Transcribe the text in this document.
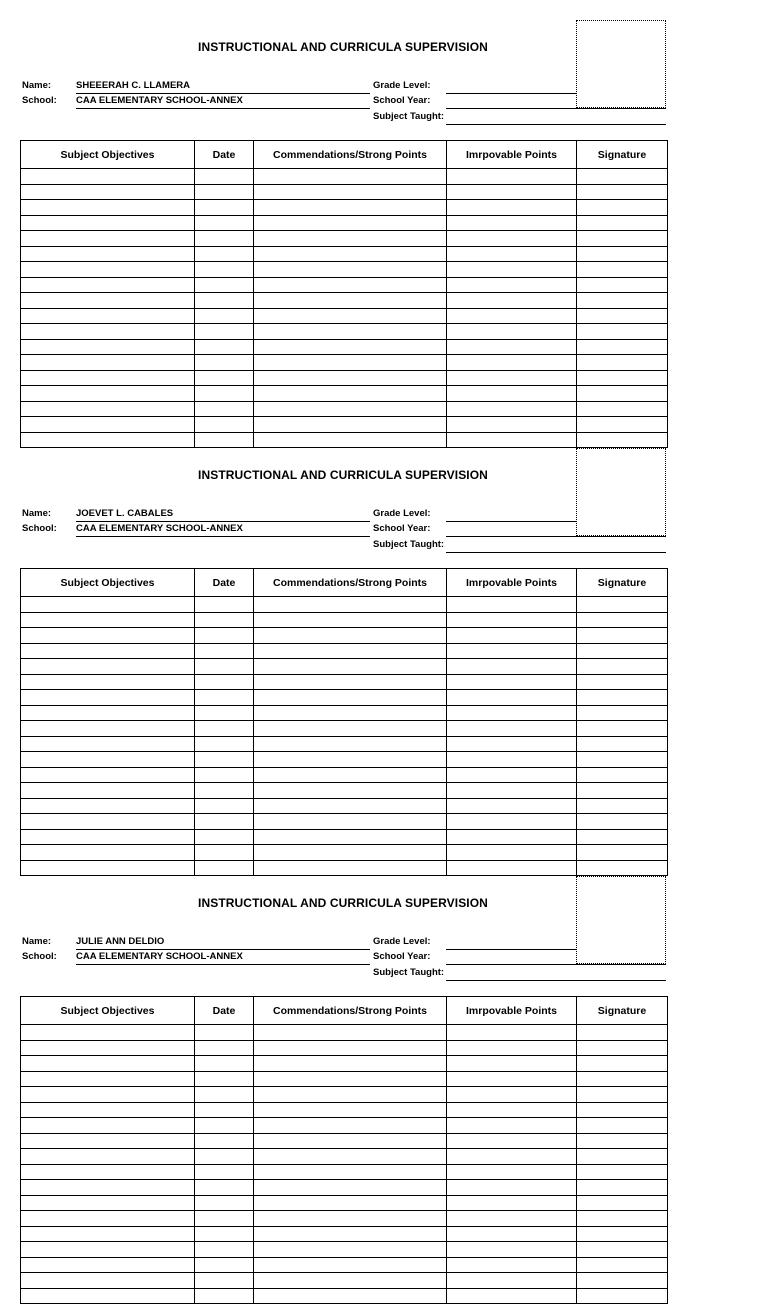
INSTRUCTIONAL AND CURRICULA SUPERVISION
Name:	SHEEERAH C. LLAMERA
School: CAA ELEMENTARY SCHOOL-ANNEX
Grade Level:
School Year:
Subject Taught:
Subject Objectives	Date	Commendations/Strong Points	Imrpovable Points	Signature

INSTRUCTIONAL AND CURRICULA SUPERVISION
Name:	JOEVET L. CABALES
School: CAA ELEMENTARY SCHOOL-ANNEX
Grade Level:
School Year:
Subject Taught:
Subject Objectives	Date	Commendations/Strong Points	Imrpovable Points	Signature

INSTRUCTIONAL AND CURRICULA SUPERVISION
Name:	JULIE ANN DELDIO
School: CAA ELEMENTARY SCHOOL-ANNEX
Grade Level:
School Year:
Subject Taught:
Subject Objectives	Date	Commendations/Strong Points	Imrpovable Points	Signature
